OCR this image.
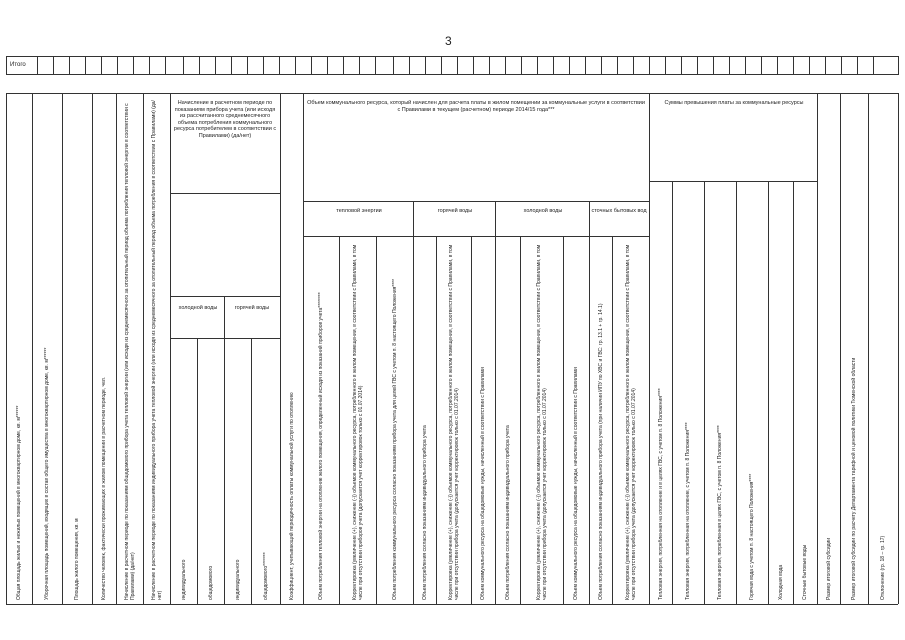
3
Итого
Начисление в расчетном периоде по показаниям прибора учета (или исходя из рассчитанного среднемесячного объема потребления коммунального ресурса потребителем в соответствии с Правилами) (да/нет)
холодной воды	горячей воды
Объем коммунального ресурса, который начислен для расчета платы в жилом помещении за коммунальные услуги в соответствии с Правилами в текущем (расчетном) периоде 2014/15 года***
тепловой энергии	горячей воды	холодной воды	сточных бытовых вод
Суммы превышения платы за коммунальные ресурсы
Общая площадь жилых и нежилых помещений в многоквартирном доме, кв. м******	Уборочная площадь помещений, входящих в состав общего имущества в многоквартирном доме, кв. м******	Площадь жилого помещения, кв. м	Количество человек, фактически проживающих в жилом помещении в расчетном периоде, чел.	Начисление в расчетном периоде по показаниям общедомового прибора учета тепловой энергии (или исходя из среднемесячного за отопительный период объема потребления тепловой энергии в соответствии с Правилами) (да/нет)	Начисление в расчетном периоде по показаниям индивидуального прибора учета тепловой энергии (или исходя из среднемесячного за отопительный период объема потребления в соответствии с Правилами) (да/нет)	индивидуального	общедомового	индивидуального	общедомового*******	Коэффициент, учитывающий периодичность оплаты коммунальной услуги по отоплению	Объем потребления тепловой энергии на отопление жилого помещения, определенный исходя из показаний приборов учета********	Корректировка (увеличение (+), снижение (-)) объемов коммунального ресурса, потребленного в жилом помещении, в соответствии с Правилами, в том числе при отсутствии приборов учета (допускается учет корректировок только с 01.07.2014)	Объем потребления коммунального ресурса согласно показаниям прибора учета для целей ГВС с учетом п. 8 настоящего Положения****	Объем потребления согласно показаниям индивидуального прибора учета	Корректировка (увеличение (+), снижение (-)) объемов коммунального ресурса, потребленного в жилом помещении, в соответствии с Правилами, в том числе при отсутствии прибора учета (допускается учет корректировок только с 01.07.2014)	Объем коммунального ресурса на общедомовые нужды, начисленный в соответствии с Правилами	Объем потребления согласно показаниям индивидуального прибора учета	Корректировка (увеличение (+), снижение (-)) объемов коммунального ресурса, потребленного в жилом помещении, в соответствии с Правилами, в том числе при отсутствии прибора учета (допускается учет корректировок только с 01.07.2014)	Объем коммунального ресурса на общедомовые нужды, начисленный в соответствии с Правилами	Объем потребления согласно показаниям индивидуального прибора учета (при наличии ИПУ по ХВС и ГВС: гр. 13.1 + гр. 14.1)	Корректировка (увеличение (+), снижение (-)) объемов коммунального ресурса, потребленного в жилом помещении, в соответствии с Правилами, в том числе при отсутствии прибора учета (допускается учет корректировок только с 01.07.2014)	Тепловая энергия, потребленная на отопление и в целях ГВС, с учетом п. 8 Положения****	Тепловая энергия, потребленная на отопление, с учетом п. 8 Положения****	Тепловая энергия, потребленная в целях ГВС, с учетом п. 8 Положения****	Горячая вода с учетом п. 8 настоящего Положения****	Холодная вода	Сточные бытовые воды	Размер итоговой субсидии	Размер итоговой субсидии по расчету Департамента тарифной и ценовой политики Тюменской области	Отклонение (гр. 18 – гр. 17)
